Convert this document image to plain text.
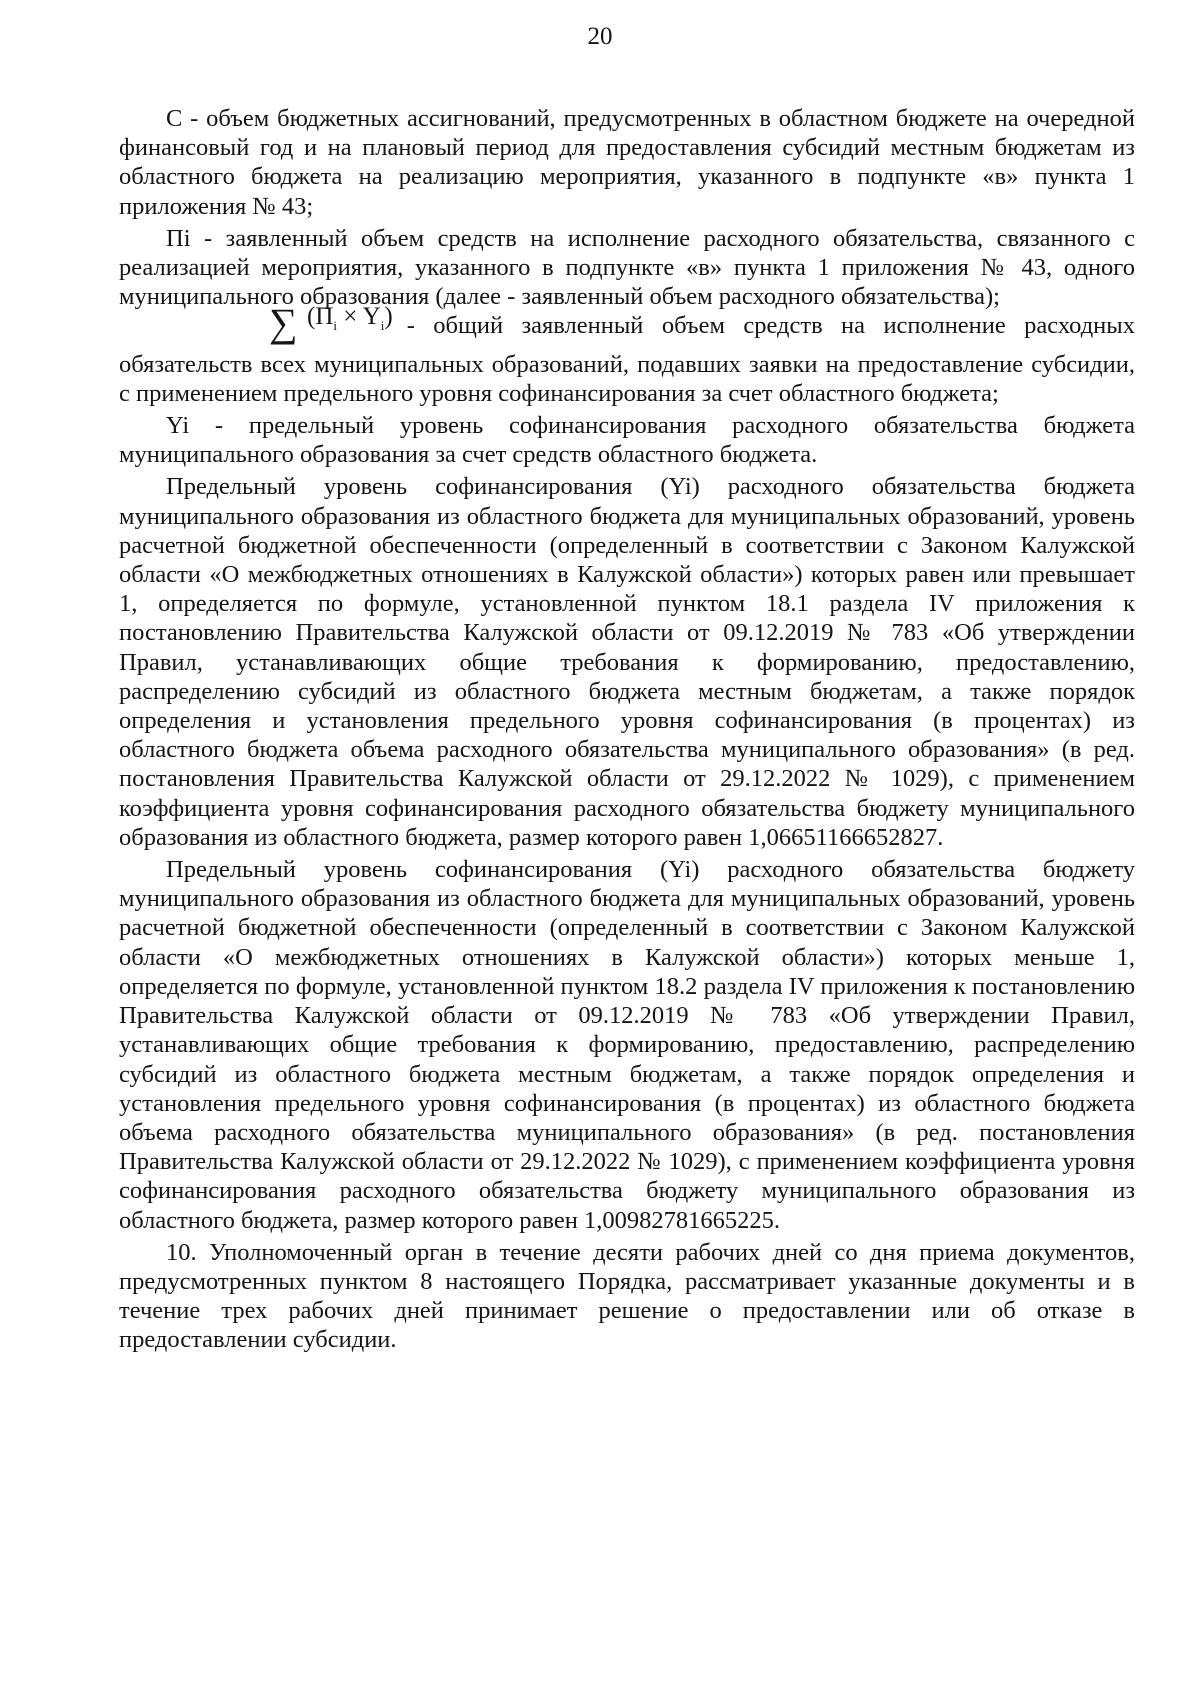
20

С - объем бюджетных ассигнований, предусмотренных в областном бюджете на очередной финансовый год и на плановый период для предоставления субсидий местным бюджетам из областного бюджета на реализацию мероприятия, указанного в подпункте «в» пункта 1 приложения № 43;

Пi - заявленный объем средств на исполнение расходного обязательства, связанного с реализацией мероприятия, указанного в подпункте «в» пункта 1 приложения № 43, одного муниципального образования (далее - заявленный объем расходного обязательства);

∑ $(П_i \times Y_i)$ - общий заявленный объем средств на исполнение расходных обязательств всех муниципальных образований, подавших заявки на предоставление субсидии, с применением предельного уровня софинансирования за счет областного бюджета;

Yi - предельный уровень софинансирования расходного обязательства бюджета муниципального образования за счет средств областного бюджета.

Предельный уровень софинансирования (Yi) расходного обязательства бюджета муниципального образования из областного бюджета для муниципальных образований, уровень расчетной бюджетной обеспеченности (определенный в соответствии с Законом Калужской области «О межбюджетных отношениях в Калужской области») которых равен или превышает 1, определяется по формуле, установленной пунктом 18.1 раздела IV приложения к постановлению Правительства Калужской области от 09.12.2019 № 783 «Об утверждении Правил, устанавливающих общие требования к формированию, предоставлению, распределению субсидий из областного бюджета местным бюджетам, а также порядок определения и установления предельного уровня софинансирования (в процентах) из областного бюджета объема расходного обязательства муниципального образования» (в ред. постановления Правительства Калужской области от 29.12.2022 № 1029), с применением коэффициента уровня софинансирования расходного обязательства бюджету муниципального образования из областного бюджета, размер которого равен 1,06651166652827.

Предельный уровень софинансирования (Yi) расходного обязательства бюджету муниципального образования из областного бюджета для муниципальных образований, уровень расчетной бюджетной обеспеченности (определенный в соответствии с Законом Калужской области «О межбюджетных отношениях в Калужской области») которых меньше 1, определяется по формуле, установленной пунктом 18.2 раздела IV приложения к постановлению Правительства Калужской области от 09.12.2019 № 783 «Об утверждении Правил, устанавливающих общие требования к формированию, предоставлению, распределению субсидий из областного бюджета местным бюджетам, а также порядок определения и установления предельного уровня софинансирования (в процентах) из областного бюджета объема расходного обязательства муниципального образования» (в ред. постановления Правительства Калужской области от 29.12.2022 № 1029), с применением коэффициента уровня софинансирования расходного обязательства бюджету муниципального образования из областного бюджета, размер которого равен 1,00982781665225.

10. Уполномоченный орган в течение десяти рабочих дней со дня приема документов, предусмотренных пунктом 8 настоящего Порядка, рассматривает указанные документы и в течение трех рабочих дней принимает решение о предоставлении или об отказе в предоставлении субсидии.
